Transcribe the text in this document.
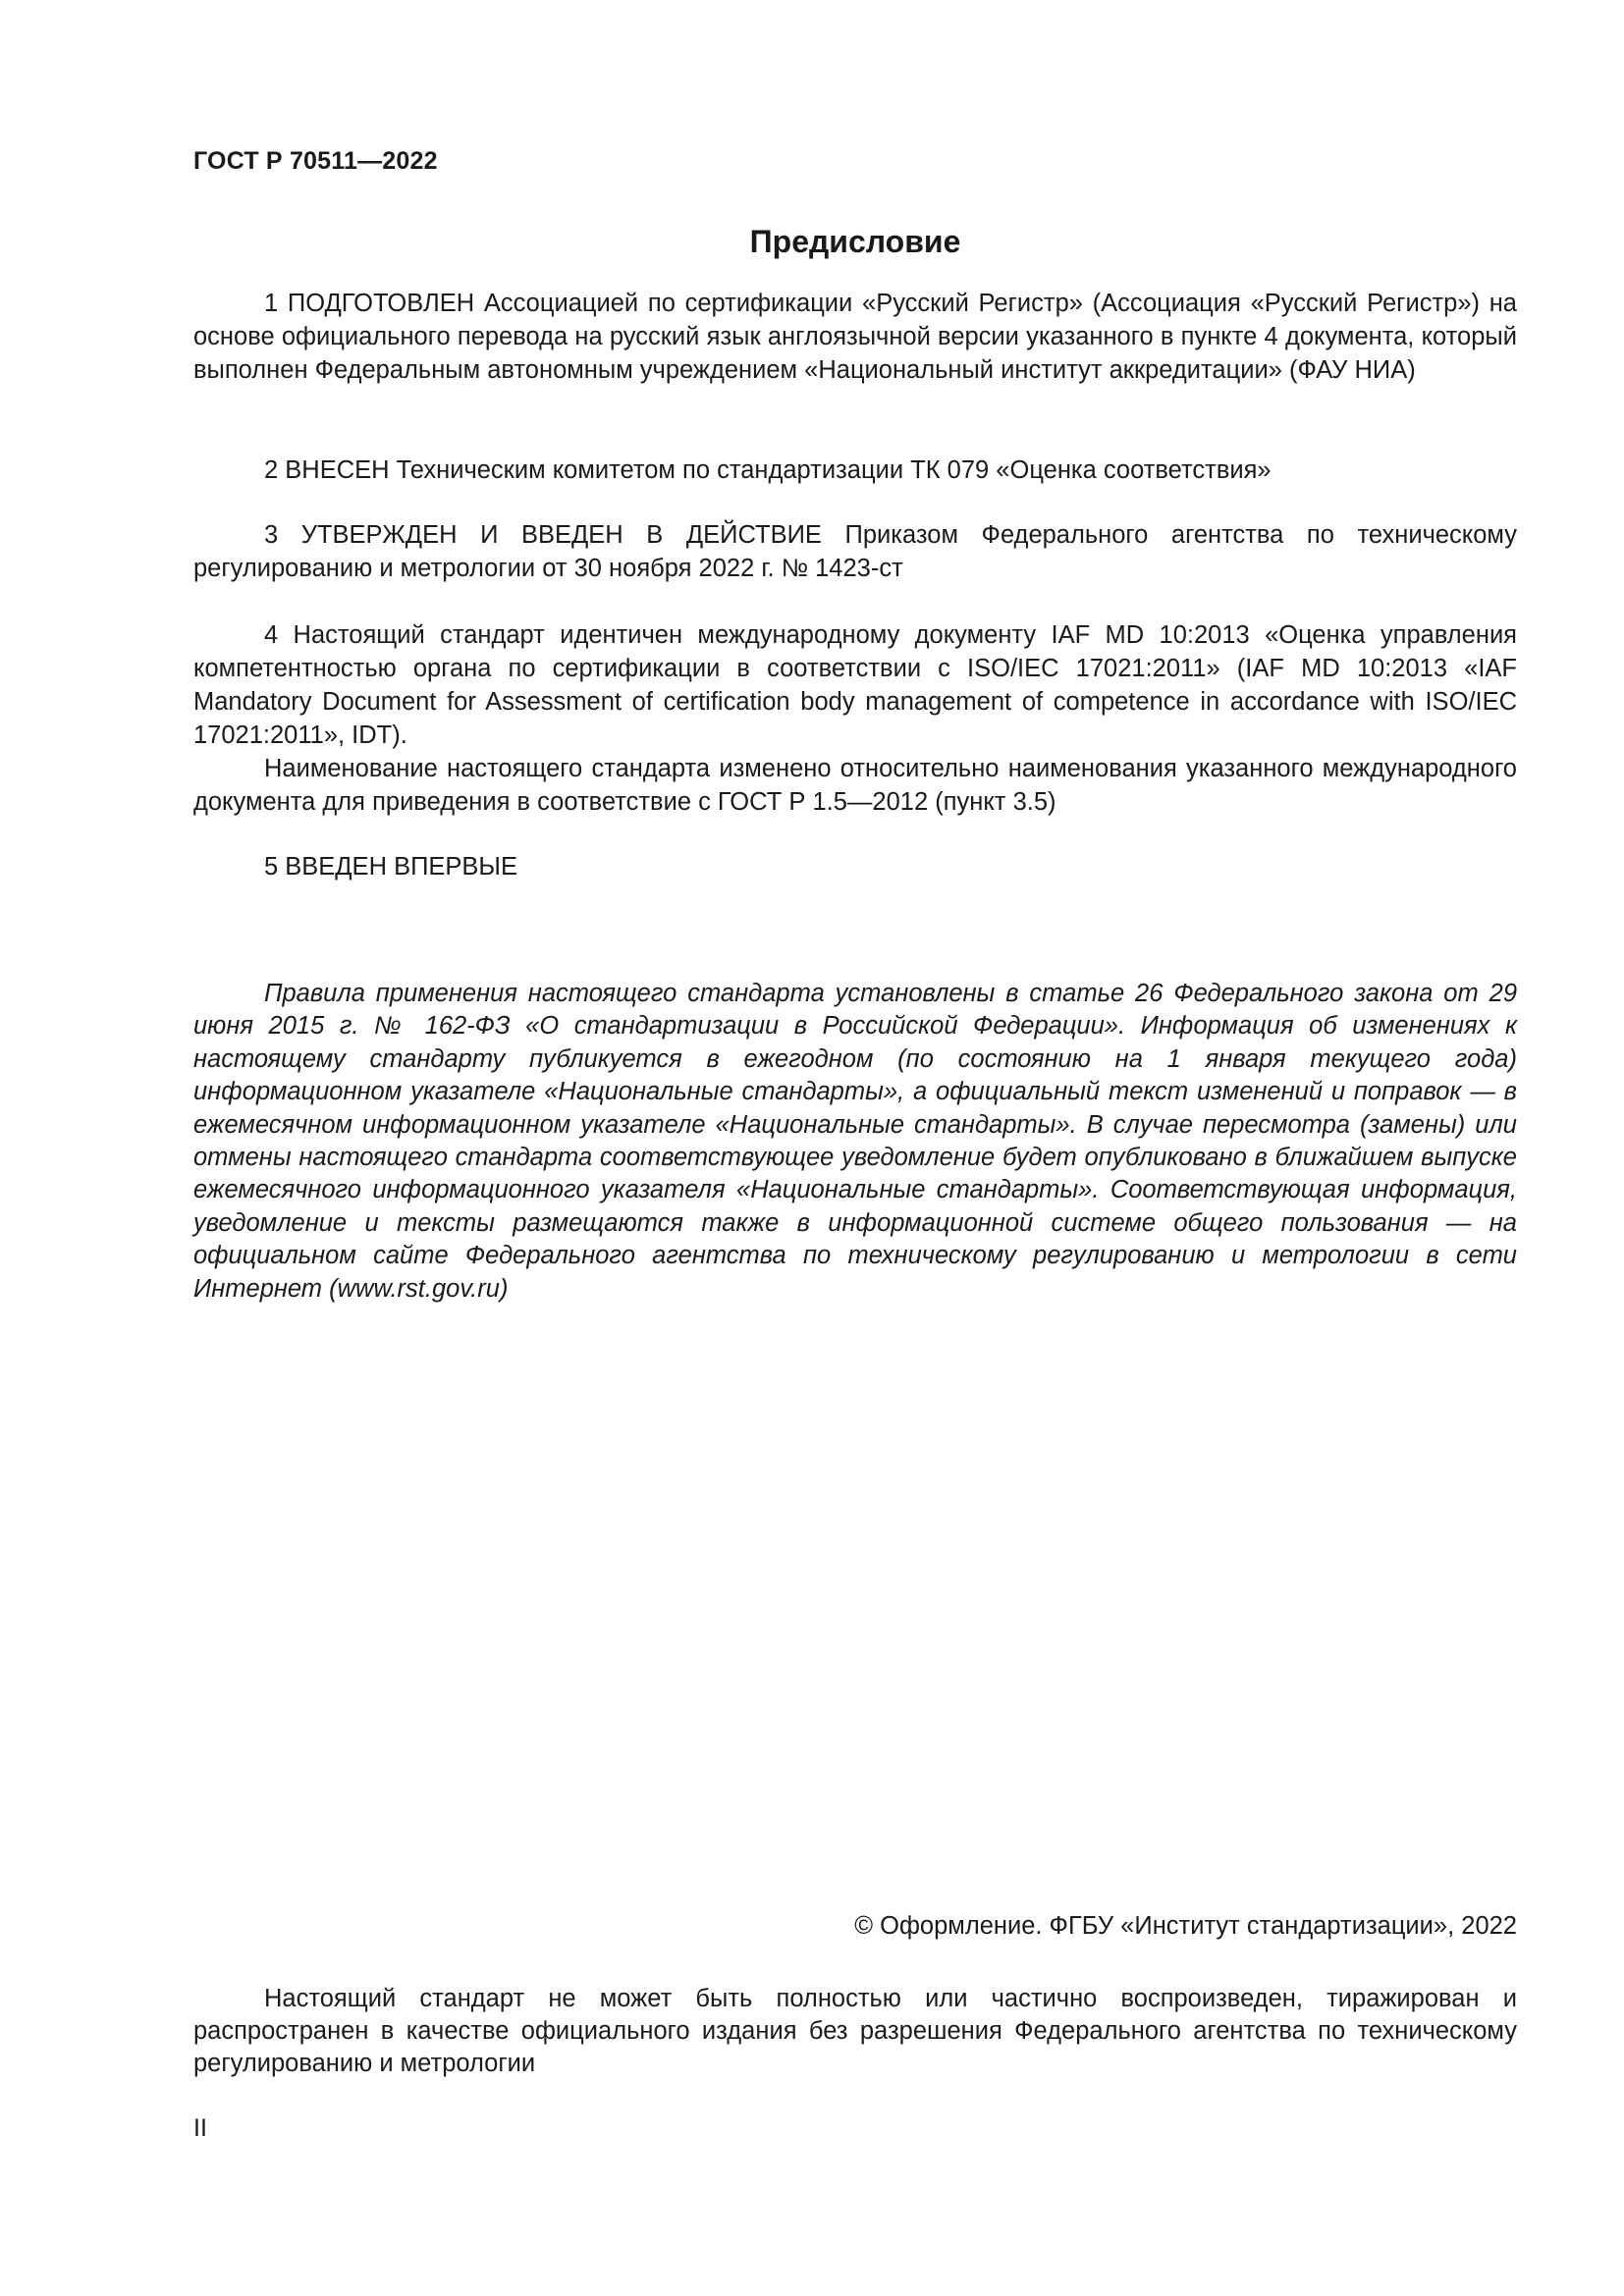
ГОСТ Р 70511—2022
Предисловие

1 ПОДГОТОВЛЕН Ассоциацией по сертификации «Русский Регистр» (Ассоциация «Русский Регистр») на основе официального перевода на русский язык англоязычной версии указанного в пункте 4 документа, который выполнен Федеральным автономным учреждением «Национальный институт аккредитации» (ФАУ НИА)

2 ВНЕСЕН Техническим комитетом по стандартизации ТК 079 «Оценка соответствия»

3 УТВЕРЖДЕН И ВВЕДЕН В ДЕЙСТВИЕ Приказом Федерального агентства по техническому регулированию и метрологии от 30 ноября 2022 г. № 1423-ст

4 Настоящий стандарт идентичен международному документу IAF MD 10:2013 «Оценка управления компетентностью органа по сертификации в соответствии с ISO/IEC 17021:2011» (IAF MD 10:2013 «IAF Mandatory Document for Assessment of certification body management of competence in accordance with ISO/IEC 17021:2011», IDT).

Наименование настоящего стандарта изменено относительно наименования указанного международного документа для приведения в соответствие с ГОСТ Р 1.5—2012 (пункт 3.5)

5 ВВЕДЕН ВПЕРВЫЕ

Правила применения настоящего стандарта установлены в статье 26 Федерального закона от 29 июня 2015 г. № 162-ФЗ «О стандартизации в Российской Федерации». Информация об изменениях к настоящему стандарту публикуется в ежегодном (по состоянию на 1 января текущего года) информационном указателе «Национальные стандарты», а официальный текст изменений и поправок — в ежемесячном информационном указателе «Национальные стандарты». В случае пересмотра (замены) или отмены настоящего стандарта соответствующее уведомление будет опубликовано в ближайшем выпуске ежемесячного информационного указателя «Национальные стандарты». Соответствующая информация, уведомление и тексты размещаются также в информационной системе общего пользования — на официальном сайте Федерального агентства по техническому регулированию и метрологии в сети Интернет (www.rst.gov.ru)

© Оформление. ФГБУ «Институт стандартизации», 2022

Настоящий стандарт не может быть полностью или частично воспроизведен, тиражирован и распространен в качестве официального издания без разрешения Федерального агентства по техническому регулированию и метрологии

II
